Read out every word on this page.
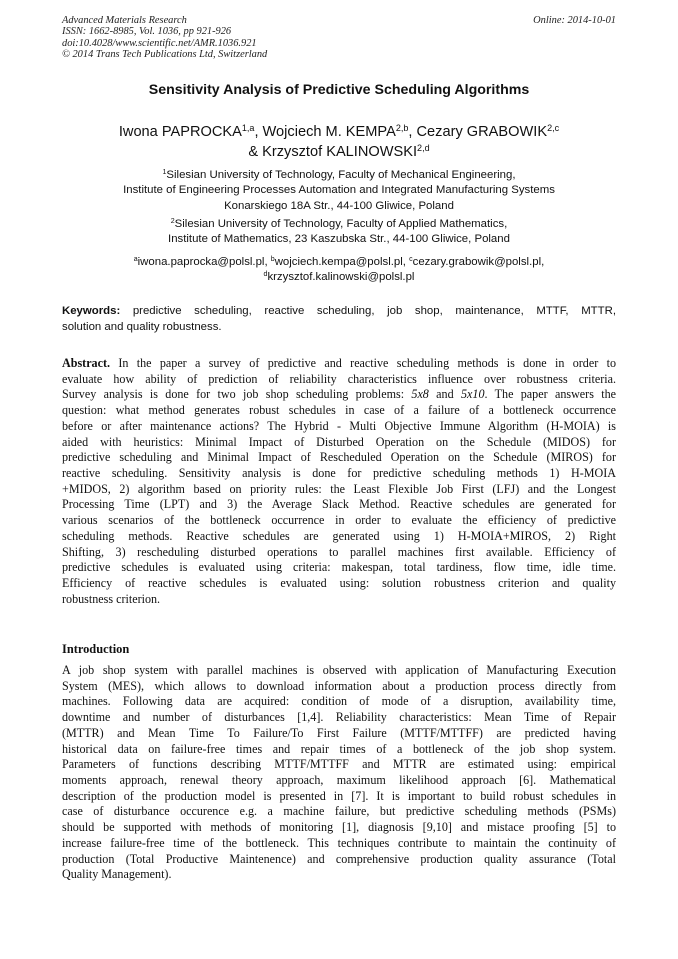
Advanced Materials Research	Online: 2014-10-01
ISSN: 1662-8985, Vol. 1036, pp 921-926
doi:10.4028/www.scientific.net/AMR.1036.921
© 2014 Trans Tech Publications Ltd, Switzerland
Sensitivity Analysis of Predictive Scheduling Algorithms
Iwona PAPROCKA$^{1,a}$, Wojciech M. KEMPA$^{2,b}$, Cezary GRABOWIK$^{2,c}$
& Krzysztof KALINOWSKI$^{2,d}$
$^1$Silesian University of Technology, Faculty of Mechanical Engineering,
Institute of Engineering Processes Automation and Integrated Manufacturing Systems
Konarskiego 18A Str., 44-100 Gliwice, Poland
$^2$Silesian University of Technology, Faculty of Applied Mathematics,
Institute of Mathematics, 23 Kaszubska Str., 44-100 Gliwice, Poland
$^a$iwona.paprocka@polsl.pl, $^b$wojciech.kempa@polsl.pl, $^c$cezary.grabowik@polsl.pl,
$^d$krzysztof.kalinowski@polsl.pl
Keywords: predictive scheduling, reactive scheduling, job shop, maintenance, MTTF, MTTR,
solution and quality robustness.
Abstract. In the paper a survey of predictive and reactive scheduling methods is done in order to
evaluate how ability of prediction of reliability characteristics influence over robustness criteria.
Survey analysis is done for two job shop scheduling problems: 5x8 and 5x10. The paper answers the
question: what method generates robust schedules in case of a failure of a bottleneck occurrence
before or after maintenance actions? The Hybrid - Multi Objective Immune Algorithm (H-MOIA) is
aided with heuristics: Minimal Impact of Disturbed Operation on the Schedule (MIDOS) for
predictive scheduling and Minimal Impact of Rescheduled Operation on the Schedule (MIROS) for
reactive scheduling. Sensitivity analysis is done for predictive scheduling methods 1) H-MOIA
+MIDOS, 2) algorithm based on priority rules: the Least Flexible Job First (LFJ) and the Longest
Processing Time (LPT) and 3) the Average Slack Method. Reactive schedules are generated for
various scenarios of the bottleneck occurrence in order to evaluate the efficiency of predictive
scheduling methods. Reactive schedules are generated using 1) H-MOIA+MIROS, 2) Right
Shifting, 3) rescheduling disturbed operations to parallel machines first available. Efficiency of
predictive schedules is evaluated using criteria: makespan, total tardiness, flow time, idle time.
Efficiency of reactive schedules is evaluated using: solution robustness criterion and quality
robustness criterion.
Introduction
A job shop system with parallel machines is observed with application of Manufacturing Execution
System (MES), which allows to download information about a production process directly from
machines. Following data are acquired: condition of mode of a disruption, availability time,
downtime and number of disturbances [1,4]. Reliability characteristics: Mean Time of Repair
(MTTR) and Mean Time To Failure/To First Failure (MTTF/MTTFF) are predicted having
historical data on failure-free times and repair times of a bottleneck of the job shop system.
Parameters of functions describing MTTF/MTTFF and MTTR are estimated using: empirical
moments approach, renewal theory approach, maximum likelihood approach [6]. Mathematical
description of the production model is presented in [7]. It is important to build robust schedules in
case of disturbance occurence e.g. a machine failure, but predictive scheduling methods (PSMs)
should be supported with methods of monitoring [1], diagnosis [9,10] and mistace proofing [5] to
increase failure-free time of the bottleneck. This techniques contribute to maintain the continuity of
production (Total Productive Maintenence) and comprehensive production quality assurance (Total
Quality Management).
